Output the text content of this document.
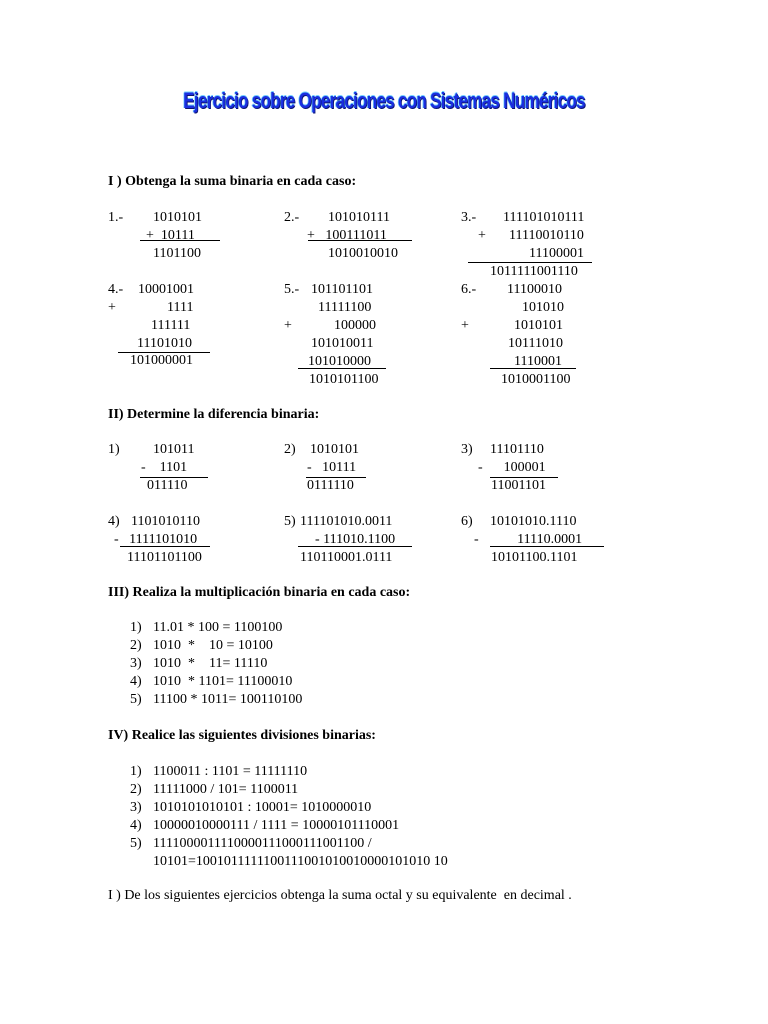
Ejercicio sobre Operaciones con Sistemas Numéricos
I ) Obtenga la suma binaria en cada caso:
1.- 1010101
+  10111
1101100
2.- 101010111
+   100111011
1010010010
3.- 111101010111
+ 11110010110
11100001
1011111001110
4.- 10001001
+	1111
111111
11101010
101000001
5.- 101101101
11111100
+	100000
101010011
101010000
1010101100
6.- 11100010
101010
+	1010101
10111010
1110001
1010001100
II) Determine la diferencia binaria:
1) 101011
-    1101
011110
2) 1010101
-   10111
0111110
3) 11101110
-      100001
11001101
4) 1101010110
-   1111101010
11101101100
5) 111101010.0011
- 111010.1100
110110001.0111
6) 10101010.1110
-           11110.0001
10101100.1101
III) Realiza la multiplicación binaria en cada caso:
1) 11.01 * 100 = 1100100
2) 1010  *    10 = 10100
3) 1010  *    11= 11110
4) 1010  * 1101= 11100010
5) 11100 * 1011= 100110100
IV) Realice las siguientes divisiones binarias:
1) 1100011 : 1101 = 11111110
2) 11111000 / 101= 1100011
3) 1010101010101 : 10001= 1010000010
4) 10000010000111 / 1111 = 10000101110001
5) 1111000011110000111000111001100 /
10101=1001011111100111001010010000101010 10
I ) De los siguientes ejercicios obtenga la suma octal y su equivalente  en decimal .
